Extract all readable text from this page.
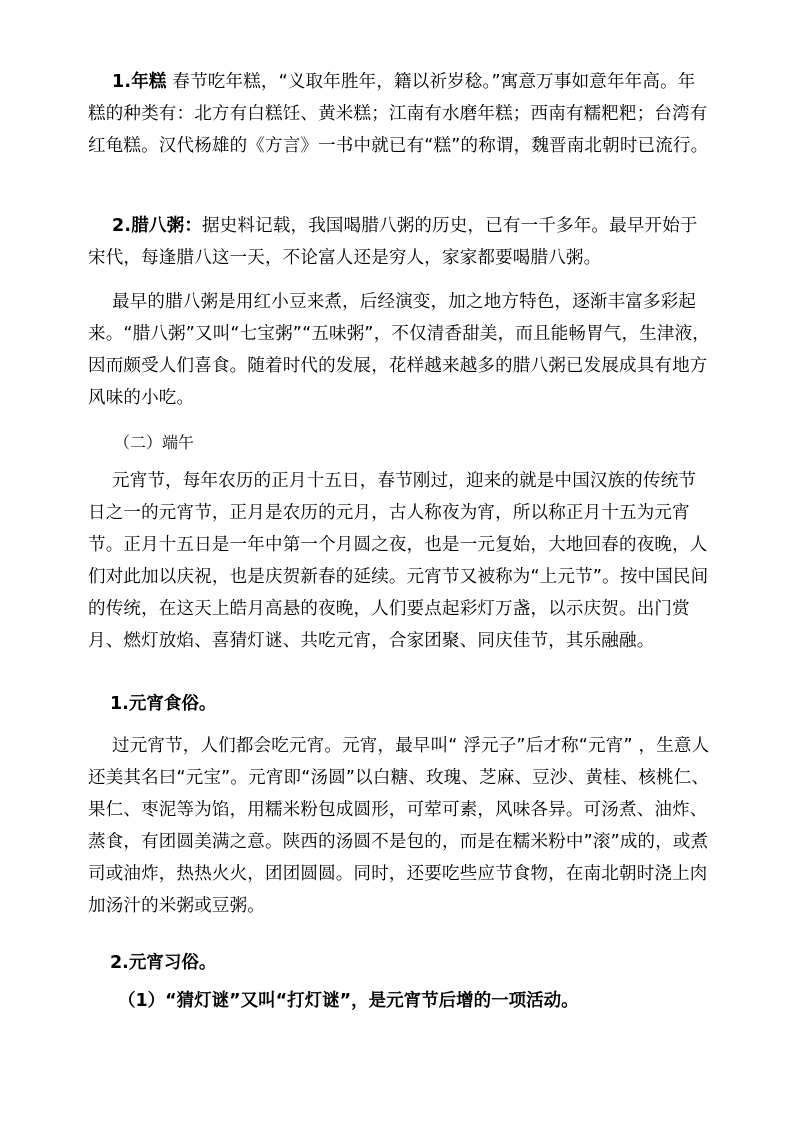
1.年糕 春节吃年糕，“义取年胜年，籍以祈岁稔。”寓意万事如意年年高。年糕的种类有：北方有白糕饪、黄米糕；江南有水磨年糕；西南有糯粑粑；台湾有红龟糕。汉代杨雄的《方言》一书中就已有“糕”的称谓，魏晋南北朝时已流行。

2.腊八粥：据史料记载，我国喝腊八粥的历史，已有一千多年。最早开始于宋代，每逢腊八这一天，不论富人还是穷人，家家都要喝腊八粥。

最早的腊八粥是用红小豆来煮，后经演变，加之地方特色，逐渐丰富多彩起来。“腊八粥”又叫“七宝粥”“五味粥”，不仅清香甜美，而且能畅胃气，生津液，因而颇受人们喜食。随着时代的发展，花样越来越多的腊八粥已发展成具有地方风味的小吃。

（二）端午

元宵节，每年农历的正月十五日，春节刚过，迎来的就是中国汉族的传统节日之一的元宵节，正月是农历的元月，古人称夜为宵，所以称正月十五为元宵节。正月十五日是一年中第一个月圆之夜，也是一元复始，大地回春的夜晚，人们对此加以庆祝，也是庆贺新春的延续。元宵节又被称为“上元节”。按中国民间的传统，在这天上皓月高悬的夜晚，人们要点起彩灯万盏，以示庆贺。出门赏月、燃灯放焰、喜猜灯谜、共吃元宵，合家团聚、同庆佳节，其乐融融。

1.元宵食俗。

过元宵节，人们都会吃元宵。元宵，最早叫“ 浮元子”后才称“元宵” ，生意人还美其名曰“元宝”。元宵即“汤圆”以白糖、玫瑰、芝麻、豆沙、黄桂、核桃仁、果仁、枣泥等为馅，用糯米粉包成圆形，可荤可素，风味各异。可汤煮、油炸、蒸食，有团圆美满之意。陕西的汤圆不是包的，而是在糯米粉中”滚”成的，或煮司或油炸，热热火火，团团圆圆。同时，还要吃些应节食物，在南北朝时浇上肉加汤汁的米粥或豆粥。

2.元宵习俗。

（1）“猜灯谜”又叫“打灯谜”，是元宵节后增的一项活动。
